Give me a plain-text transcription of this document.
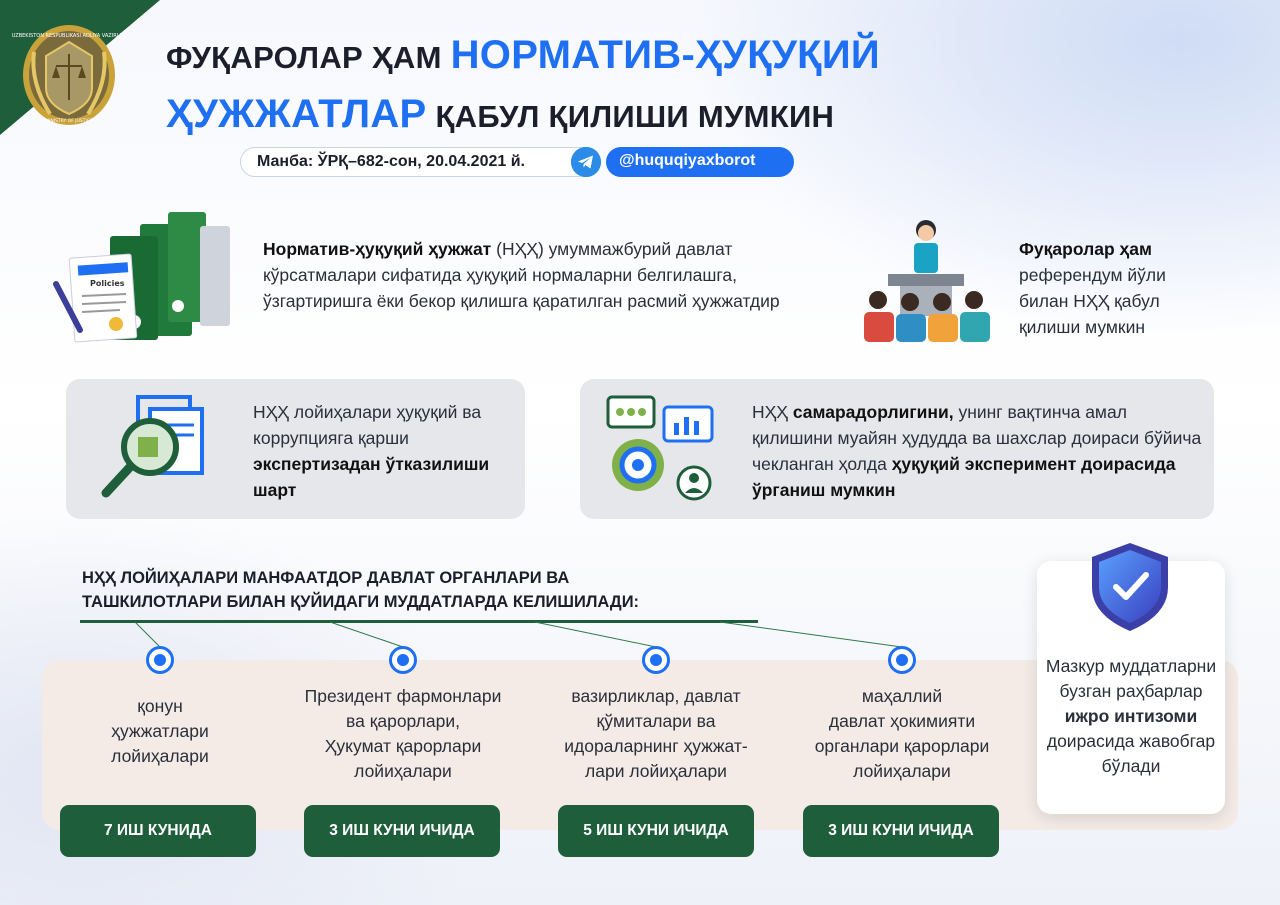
UZBEKISTON RESPUBLIKASI ADLIYA VAZIRLIGI
MINISTRY OF JUSTICE
ФУҚАРОЛАР ҲАМ НОРМАТИВ-ҲУҚУҚИЙ
ҲУЖЖАТЛАР ҚАБУЛ ҚИЛИШИ МУМКИН
Манба: ЎРҚ–682-сон, 20.04.2021 й.	@huquqiyaxborot
Policies
Норматив-ҳуқуқий ҳужжат (НҲҲ) умуммажбурий давлат кўрсатмалари сифатида ҳуқуқий нормаларни белгилашга, ўзгартиришга ёки бекор қилишга қаратилган расмий ҳужжатдир
Фуқаролар ҳам референдум йўли билан НҲҲ қабул қилиши мумкин
НҲҲ лойиҳалари ҳуқуқий ва коррупцияга қарши экспертизадан ўтказилиши шарт
НҲҲ самарадорлигини, унинг вақтинча амал қилишини муайян ҳудудда ва шахслар доираси бўйича чекланган ҳолда ҳуқуқий эксперимент доирасида ўрганиш мумкин
НҲҲ ЛОЙИҲАЛАРИ МАНФААТДОР ДАВЛАТ ОРГАНЛАРИ ВА
ТАШКИЛОТЛАРИ БИЛАН ҚУЙИДАГИ МУДДАТЛАРДА КЕЛИШИЛАДИ:
қонун
ҳужжатлари
лойиҳалари
7 ИШ КУНИДА
Президент фармонлари
ва қарорлари,
Ҳукумат қарорлари
лойиҳалари
3 ИШ КУНИ ИЧИДА
вазирликлар, давлат
қўмиталари ва
идораларнинг ҳужжат-
лари лойиҳалари
5 ИШ КУНИ ИЧИДА
маҳаллий
давлат ҳокимияти
органлари қарорлари
лойиҳалари
3 ИШ КУНИ ИЧИДА
Мазкур муддатларни бузган раҳбарлар ижро интизоми доирасида жавобгар бўлади
